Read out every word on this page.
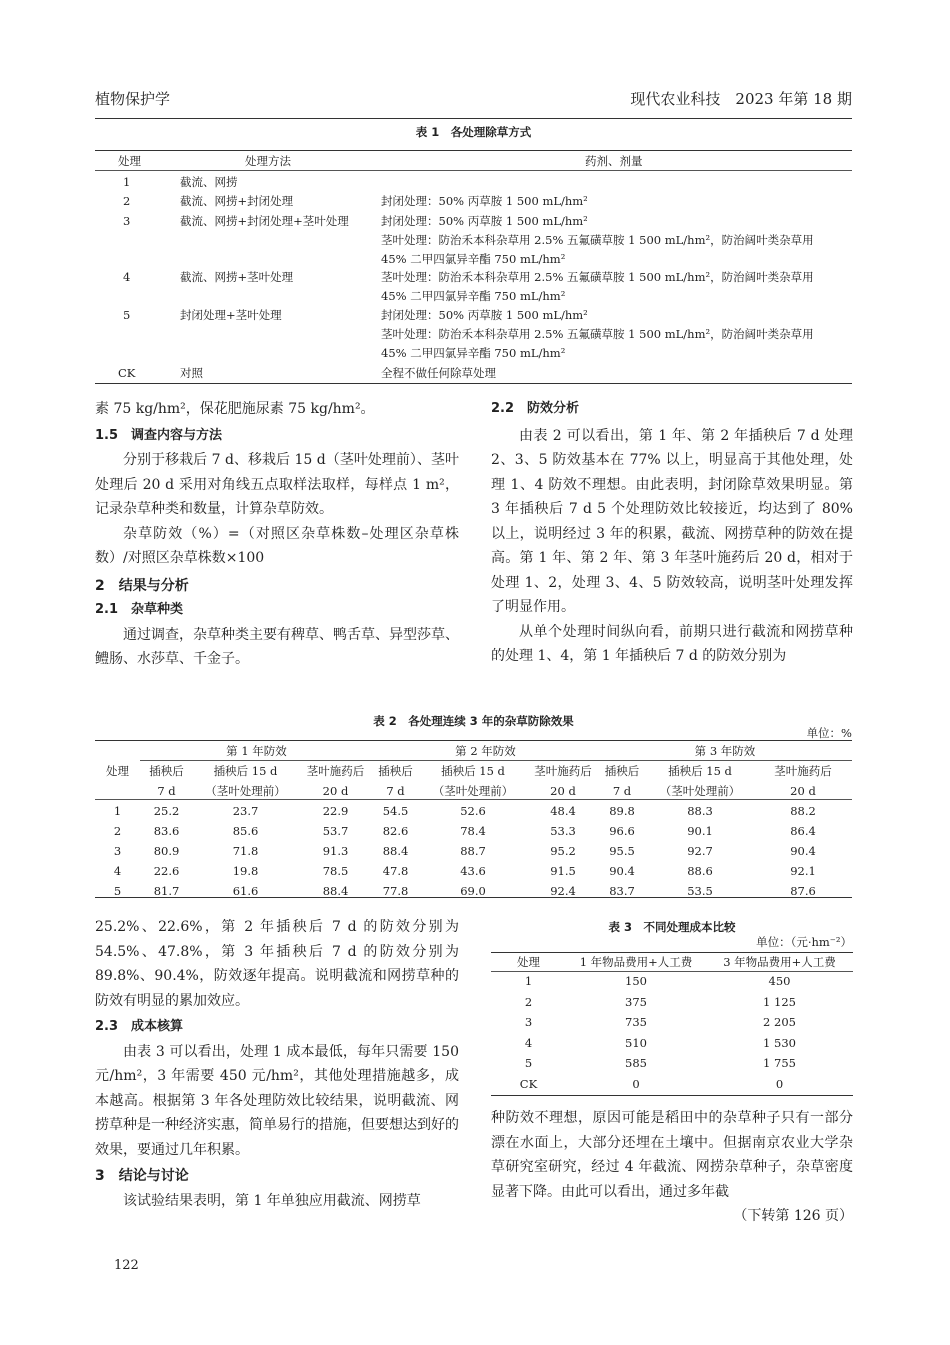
植物保护学	现代农业科技　2023 年第 18 期
表 1　各处理除草方式
处理	处理方法	药剂、剂量
1	截流、网捞
2	截流、网捞+封闭处理	封闭处理：50% 丙草胺 1 500 mL/hm²
3	截流、网捞+封闭处理+茎叶处理	封闭处理：50% 丙草胺 1 500 mL/hm²
茎叶处理：防治禾本科杂草用 2.5% 五氟磺草胺 1 500 mL/hm²，防治阔叶类杂草用
45% 二甲四氯异辛酯 750 mL/hm²
4	截流、网捞+茎叶处理	茎叶处理：防治禾本科杂草用 2.5% 五氟磺草胺 1 500 mL/hm²，防治阔叶类杂草用
45% 二甲四氯异辛酯 750 mL/hm²
5	封闭处理+茎叶处理	封闭处理：50% 丙草胺 1 500 mL/hm²
茎叶处理：防治禾本科杂草用 2.5% 五氟磺草胺 1 500 mL/hm²，防治阔叶类杂草用
45% 二甲四氯异辛酯 750 mL/hm²
CK	对照	全程不做任何除草处理
素 75 kg/hm²，保花肥施尿素 75 kg/hm²。
1.5　调查内容与方法

分别于移栽后 7 d、移栽后 15 d（茎叶处理前）、茎叶处理后 20 d 采用对角线五点取样法取样，每样点 1 m²，记录杂草种类和数量，计算杂草防效。

杂草防效（%）=（对照区杂草株数–处理区杂草株数）/对照区杂草株数×100

2　结果与分析
2.1　杂草种类

通过调查，杂草种类主要有稗草、鸭舌草、异型莎草、鳢肠、水莎草、千金子。

2.2　防效分析

由表 2 可以看出，第 1 年、第 2 年插秧后 7 d 处理 2、3、5 防效基本在 77% 以上，明显高于其他处理，处理 1、4 防效不理想。由此表明，封闭除草效果明显。第 3 年插秧后 7 d 5 个处理防效比较接近，均达到了 80% 以上，说明经过 3 年的积累，截流、网捞草种的防效在提高。第 1 年、第 2 年、第 3 年茎叶施药后 20 d，相对于处理 1、2，处理 3、4、5 防效较高，说明茎叶处理发挥了明显作用。

从单个处理时间纵向看，前期只进行截流和网捞草种的处理 1、4，第 1 年插秧后 7 d 的防效分别为

表 2　各处理连续 3 年的杂草防除效果
单位：%
处理	第 1 年防效			第 2 年防效			第 3 年防效		
	插秧后	插秧后 15 d	茎叶施药后	插秧后	插秧后 15 d	茎叶施药后	插秧后	插秧后 15 d	茎叶施药后
	7 d	（茎叶处理前）	20 d	7 d	（茎叶处理前）	20 d	7 d	（茎叶处理前）	20 d
1	25.2	23.7	22.9	54.5	52.6	48.4	89.8	88.3	88.2
2	83.6	85.6	53.7	82.6	78.4	53.3	96.6	90.1	86.4
3	80.9	71.8	91.3	88.4	88.7	95.2	95.5	92.7	90.4
4	22.6	19.8	78.5	47.8	43.6	91.5	90.4	88.6	92.1
5	81.7	61.6	88.4	77.8	69.0	92.4	83.7	53.5	87.6
25.2%、22.6%，第 2 年插秧后 7 d 的防效分别为 54.5%、47.8%，第 3 年插秧后 7 d 的防效分别为 89.8%、90.4%，防效逐年提高。说明截流和网捞草种的防效有明显的累加效应。
2.3　成本核算

由表 3 可以看出，处理 1 成本最低，每年只需要 150 元/hm²，3 年需要 450 元/hm²，其他处理措施越多，成本越高。根据第 3 年各处理防效比较结果，说明截流、网捞草种是一种经济实惠，简单易行的措施，但要想达到好的效果，要通过几年积累。

3　结论与讨论

该试验结果表明，第 1 年单独应用截流、网捞草

表 3　不同处理成本比较
单位：（元·hm⁻²）
处理	1 年物品费用+人工费	3 年物品费用+人工费
1	150	450
2	375	1 125
3	735	2 205
4	510	1 530
5	585	1 755
CK	0	0
种防效不理想，原因可能是稻田中的杂草种子只有一部分漂在水面上，大部分还埋在土壤中。但据南京农业大学杂草研究室研究，经过 4 年截流、网捞杂草种子，杂草密度显著下降。由此可以看出，通过多年截
（下转第 126 页）
122
